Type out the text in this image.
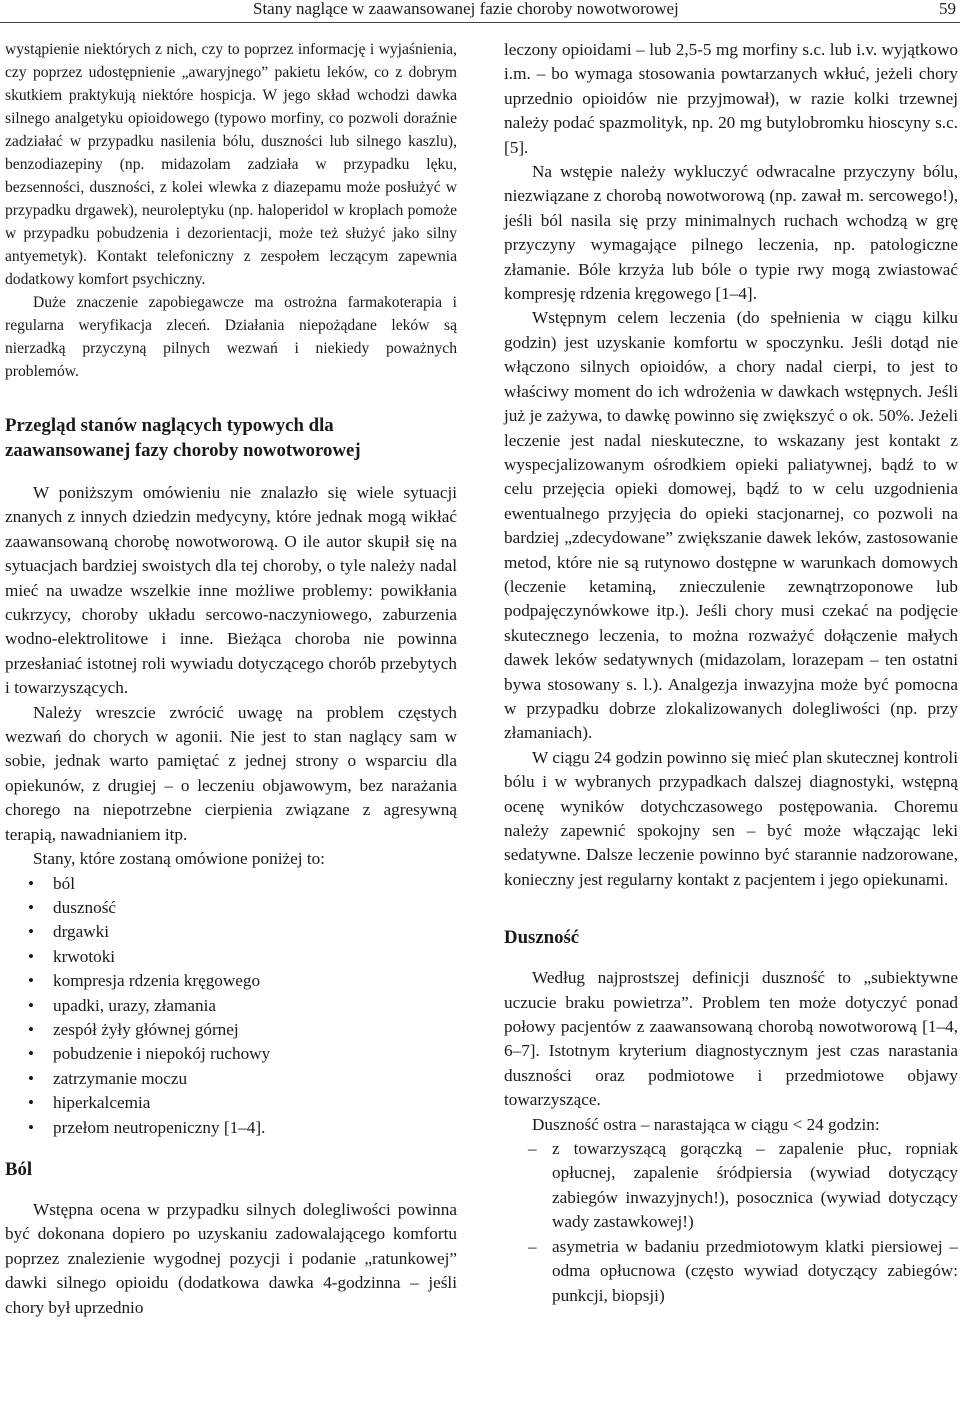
Stany naglące w zaawansowanej fazie choroby nowotworowej	59

wystąpienie niektórych z nich, czy to poprzez informację i wyjaśnienia, czy poprzez udostępnienie „awaryjnego” pakietu leków, co z dobrym skutkiem praktykują niektóre hospicja. W jego skład wchodzi dawka silnego analgetyku opioidowego (typowo morfiny, co pozwoli doraźnie zadziałać w przypadku nasilenia bólu, duszności lub silnego kaszlu), benzodiazepiny (np. midazolam zadziała w przypadku lęku, bezsenności, duszności, z kolei wlewka z diazepamu może posłużyć w przypadku drgawek), neuroleptyku (np. haloperidol w kroplach pomoże w przypadku pobudzenia i dezorientacji, może też służyć jako silny antyemetyk). Kontakt telefoniczny z zespołem leczącym zapewnia dodatkowy komfort psychiczny.

Duże znaczenie zapobiegawcze ma ostrożna farmakoterapia i regularna weryfikacja zleceń. Działania niepożądane leków są nierzadką przyczyną pilnych wezwań i niekiedy poważnych problemów.

Przegląd stanów naglących typowych dla zaawansowanej fazy choroby nowotworowej

W poniższym omówieniu nie znalazło się wiele sytuacji znanych z innych dziedzin medycyny, które jednak mogą wikłać zaawansowaną chorobę nowotworową. O ile autor skupił się na sytuacjach bardziej swoistych dla tej choroby, o tyle należy nadal mieć na uwadze wszelkie inne możliwe problemy: powikłania cukrzycy, choroby układu sercowo-naczyniowego, zaburzenia wodno-elektrolitowe i inne. Bieżąca choroba nie powinna przesłaniać istotnej roli wywiadu dotyczącego chorób przebytych i towarzyszących.

Należy wreszcie zwrócić uwagę na problem częstych wezwań do chorych w agonii. Nie jest to stan naglący sam w sobie, jednak warto pamiętać z jednej strony o wsparciu dla opiekunów, z drugiej – o leczeniu objawowym, bez narażania chorego na niepotrzebne cierpienia związane z agresywną terapią, nawadnianiem itp.

Stany, które zostaną omówione poniżej to:

• ból
• duszność
• drgawki
• krwotoki
• kompresja rdzenia kręgowego
• upadki, urazy, złamania
• zespół żyły głównej górnej
• pobudzenie i niepokój ruchowy
• zatrzymanie moczu
• hiperkalcemia
• przełom neutropeniczny [1–4].
Ból

Wstępna ocena w przypadku silnych dolegliwości powinna być dokonana dopiero po uzyskaniu zadowalającego komfortu poprzez znalezienie wygodnej pozycji i podanie „ratunkowej” dawki silnego opioidu (dodatkowa dawka 4-godzinna – jeśli chory był uprzednio

leczony opioidami – lub 2,5-5 mg morfiny s.c. lub i.v. wyjątkowo i.m. – bo wymaga stosowania powtarzanych wkłuć, jeżeli chory uprzednio opioidów nie przyjmował), w razie kolki trzewnej należy podać spazmolityk, np. 20 mg butylobromku hioscyny s.c. [5].

Na wstępie należy wykluczyć odwracalne przyczyny bólu, niezwiązane z chorobą nowotworową (np. zawał m. sercowego!), jeśli ból nasila się przy minimalnych ruchach wchodzą w grę przyczyny wymagające pilnego leczenia, np. patologiczne złamanie. Bóle krzyża lub bóle o typie rwy mogą zwiastować kompresję rdzenia kręgowego [1–4].

Wstępnym celem leczenia (do spełnienia w ciągu kilku godzin) jest uzyskanie komfortu w spoczynku. Jeśli dotąd nie włączono silnych opioidów, a chory nadal cierpi, to jest to właściwy moment do ich wdrożenia w dawkach wstępnych. Jeśli już je zażywa, to dawkę powinno się zwiększyć o ok. 50%. Jeżeli leczenie jest nadal nieskuteczne, to wskazany jest kontakt z wyspecjalizowanym ośrodkiem opieki paliatywnej, bądź to w celu przejęcia opieki domowej, bądź to w celu uzgodnienia ewentualnego przyjęcia do opieki stacjonarnej, co pozwoli na bardziej „zdecydowane” zwiększanie dawek leków, zastosowanie metod, które nie są rutynowo dostępne w warunkach domowych (leczenie ketaminą, znieczulenie zewnątrzoponowe lub podpajęczynówkowe itp.). Jeśli chory musi czekać na podjęcie skutecznego leczenia, to można rozważyć dołączenie małych dawek leków sedatywnych (midazolam, lorazepam – ten ostatni bywa stosowany s. l.). Analgezja inwazyjna może być pomocna w przypadku dobrze zlokalizowanych dolegliwości (np. przy złamaniach).

W ciągu 24 godzin powinno się mieć plan skutecznej kontroli bólu i w wybranych przypadkach dalszej diagnostyki, wstępną ocenę wyników dotychczasowego postępowania. Choremu należy zapewnić spokojny sen – być może włączając leki sedatywne. Dalsze leczenie powinno być starannie nadzorowane, konieczny jest regularny kontakt z pacjentem i jego opiekunami.

Duszność

Według najprostszej definicji duszność to „subiektywne uczucie braku powietrza”. Problem ten może dotyczyć ponad połowy pacjentów z zaawansowaną chorobą nowotworową [1–4, 6–7]. Istotnym kryterium diagnostycznym jest czas narastania duszności oraz podmiotowe i przedmiotowe objawy towarzyszące.

Duszność ostra – narastająca w ciągu < 24 godzin:

– z towarzyszącą gorączką – zapalenie płuc, ropniak opłucnej, zapalenie śródpiersia (wywiad dotyczący zabiegów inwazyjnych!), posocznica (wywiad dotyczący wady zastawkowej!)
– asymetria w badaniu przedmiotowym klatki piersiowej – odma opłucnowa (często wywiad dotyczący zabiegów: punkcji, biopsji)
